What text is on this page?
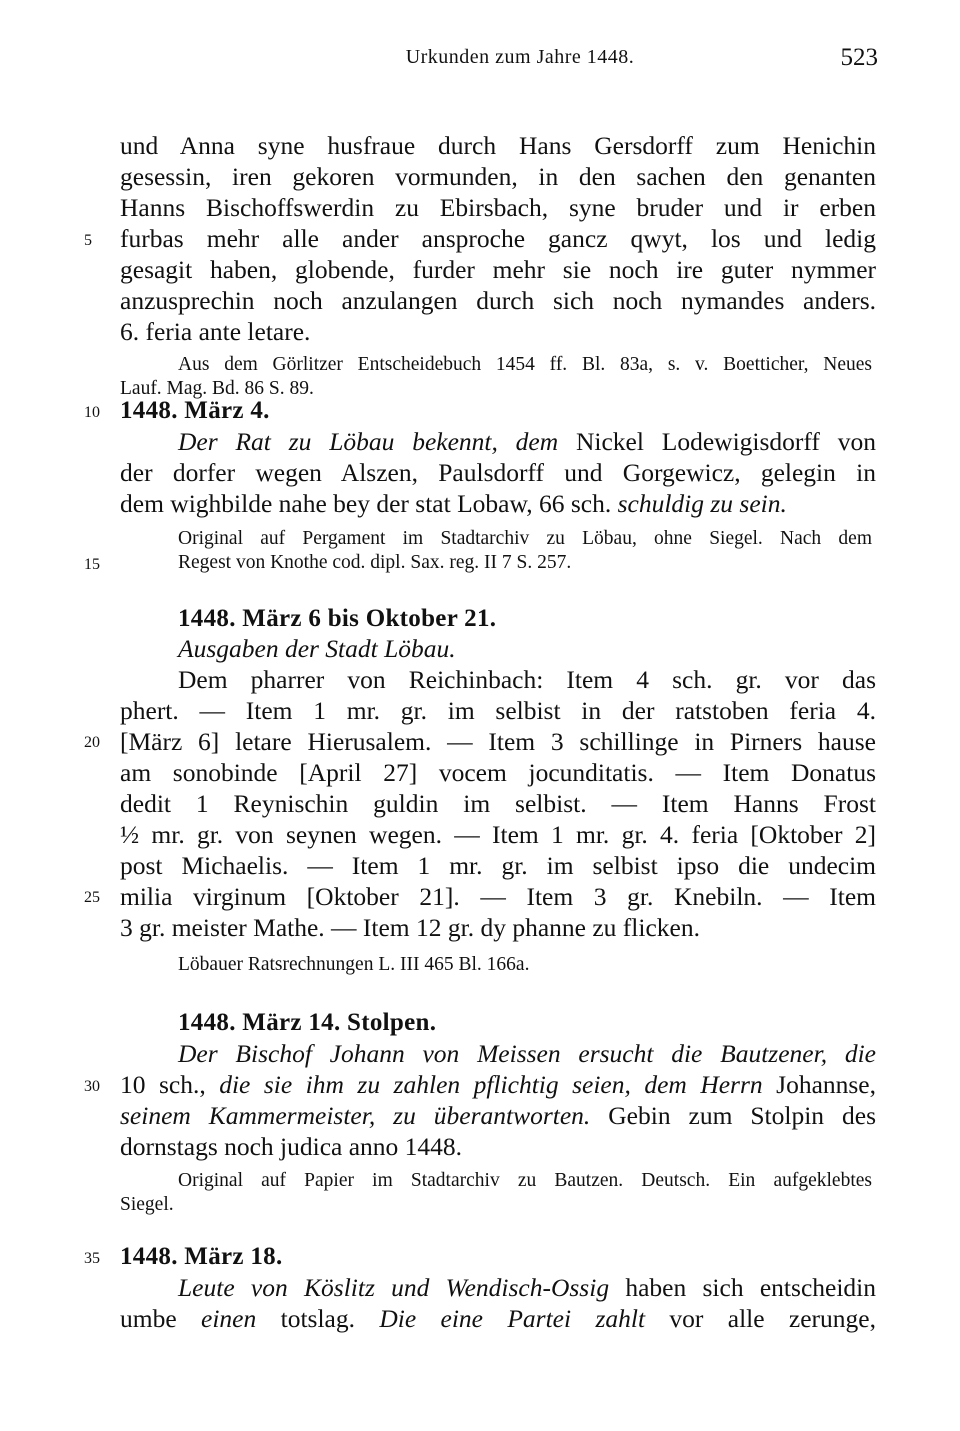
Urkunden zum Jahre 1448.	523
und Anna syne husfraue durch Hans Gersdorff zum Henichin
gesessin, iren gekoren vormunden, in den sachen den genanten
Hanns Bischoffswerdin zu Ebirsbach, syne bruder und ir erben
furbas mehr alle ander ansproche gancz qwyt, los und ledig
5
gesagit haben, globende, furder mehr sie noch ire guter nymmer
anzusprechin noch anzulangen durch sich noch nymandes anders.
6. feria ante letare.
Aus dem Görlitzer Entscheidebuch 1454 ff. Bl. 83a, s. v. Boetticher, Neues
Lauf. Mag. Bd. 86 S. 89.
10 1448. März 4.
Der Rat zu Löbau bekennt, dem Nickel Lodewigisdorff von
der dorfer wegen Alszen, Paulsdorff und Gorgewicz, gelegin in
dem wighbilde nahe bey der stat Lobaw, 66 sch. schuldig zu sein.
Original auf Pergament im Stadtarchiv zu Löbau, ohne Siegel. Nach dem
Regest von Knothe cod. dipl. Sax. reg. II 7 S. 257.
15
1448. März 6 bis Oktober 21.
Ausgaben der Stadt Löbau.
Dem pharrer von Reichinbach: Item 4 sch. gr. vor das
phert. — Item 1 mr. gr. im selbist in der ratstoben feria 4.
20 [März 6] letare Hierusalem. — Item 3 schillinge in Pirners hause
am sonobinde [April 27] vocem jocunditatis. — Item Donatus
dedit 1 Reynischin guldin im selbist. — Item Hanns Frost
½ mr. gr. von seynen wegen. — Item 1 mr. gr. 4. feria [Oktober 2]
post Michaelis. — Item 1 mr. gr. im selbist ipso die undecim
25 milia virginum [Oktober 21]. — Item 3 gr. Knebiln. — Item
3 gr. meister Mathe. — Item 12 gr. dy phanne zu flicken.
Löbauer Ratsrechnungen L. III 465 Bl. 166a.
1448. März 14. Stolpen.
Der Bischof Johann von Meissen ersucht die Bautzener, die
30 10 sch., die sie ihm zu zahlen pflichtig seien, dem Herrn Johannse,
seinem Kammermeister, zu überantworten. Gebin zum Stolpin des
dornstags noch judica anno 1448.
Original auf Papier im Stadtarchiv zu Bautzen. Deutsch. Ein aufgeklebtes
Siegel.
35 1448. März 18.
Leute von Köslitz und Wendisch-Ossig haben sich entscheidin
umbe einen totslag. Die eine Partei zahlt vor alle zerunge,
